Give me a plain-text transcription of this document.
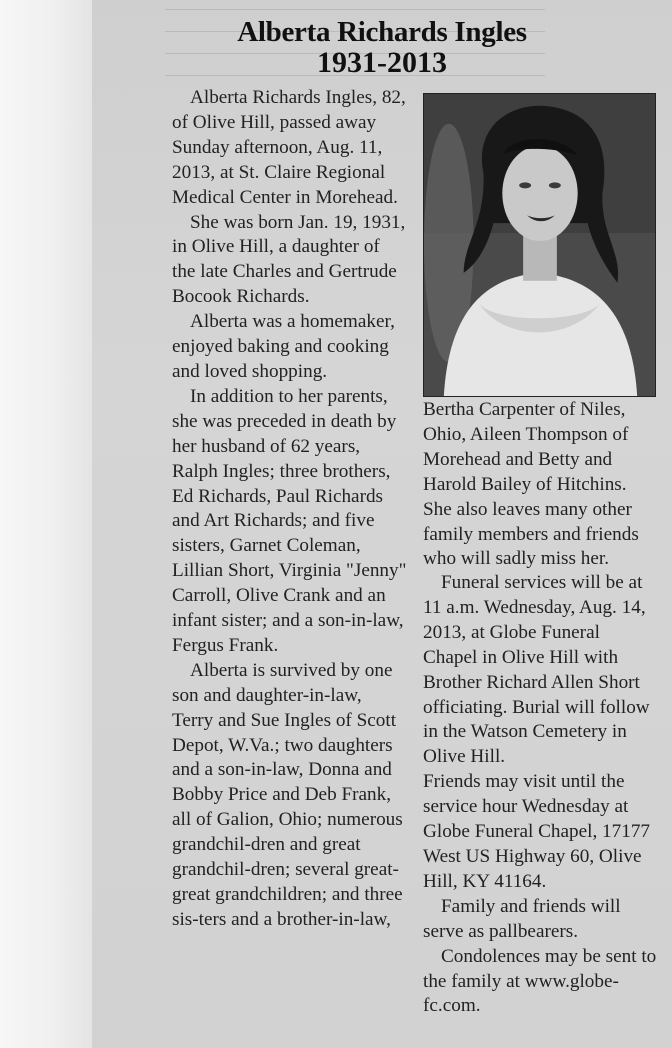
Alberta Richards Ingles
1931-2013

Alberta Richards Ingles, 82, of Olive Hill, passed away Sunday afternoon, Aug. 11, 2013, at St. Claire Regional Medical Center in Morehead.

She was born Jan. 19, 1931, in Olive Hill, a daughter of the late Charles and Gertrude Bocook Richards.

Alberta was a homemaker, enjoyed baking and cooking and loved shopping.

In addition to her parents, she was preceded in death by her husband of 62 years, Ralph Ingles; three brothers, Ed Richards, Paul Richards and Art Richards; and five sisters, Garnet Coleman, Lillian Short, Virginia "Jenny" Carroll, Olive Crank and an infant sister; and a son-in-law, Fergus Frank.

Alberta is survived by one son and daughter-in-law, Terry and Sue Ingles of Scott Depot, W.Va.; two daughters and a son-in-law, Donna and Bobby Price and Deb Frank, all of Galion, Ohio; numerous grandchil-dren and great grandchil-dren; several great-great grandchildren; and three sis-ters and a brother-in-law,

Bertha Carpenter of Niles, Ohio, Aileen Thompson of Morehead and Betty and Harold Bailey of Hitchins. She also leaves many other family members and friends who will sadly miss her.

Funeral services will be at 11 a.m. Wednesday, Aug. 14, 2013, at Globe Funeral Chapel in Olive Hill with Brother Richard Allen Short officiating. Burial will follow in the Watson Cemetery in Olive Hill.

Friends may visit until the service hour Wednesday at Globe Funeral Chapel, 17177 West US Highway 60, Olive Hill, KY 41164.

Family and friends will serve as pallbearers.

Condolences may be sent to the family at www.globe-fc.com.
